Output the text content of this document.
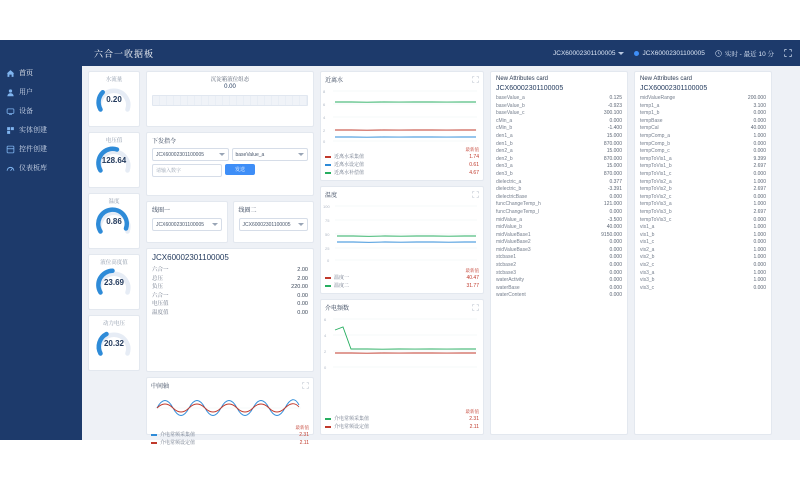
首页
用户
设备
实体创建
控件创建
仪表板库
六合一收据板	JCX60002301100005	JCX60002301100005	实时 - 最近 10 分
水流量
0.20
电压值
128.64
温度
0.86
液位高度值
23.69
动力电压
20.32
沉淀箱液位组态
0.00
下发指令
JCX60002301100005	baseValue_a
请输入数字	发送
线圈一
JCX60002301100005
线圈二
JCX60002301100005
JCX60002301100005
六合一	2.00
总压	2.00
负压	220.00
六合一	0.00
电压值	0.00
温度值	0.00
中间轴
最新值
介电常频采集值	2.31
介电常频设定值	2.11
近离水
8
6
4
2
0
最新值
近离水采集值	1.74
近离水设定值	0.61
近离水补偿值	4.67
温度
100
75
50
25
0
最新值
温度一	40.47
温度二	31.77
介电频数
6
4
2
0
最新值
介电常频采集值	2.31
介电常频设定值	2.11
New Attributes card
JCX60002301100005
baseValue_a	0.125
baseValue_b	-0.923
baseValue_c	300.100
cMin_a	0.000
cMin_b	-1.400
den1_a	15.000
den1_b	870.000
den2_a	15.000
den2_b	870.000
den3_a	15.000
den3_b	870.000
dielectric_a	0.377
dielectric_b	-3.391
dielectricBase	0.000
funcChangeTemp_h	121.000
funcChangeTemp_l	0.000
midValue_a	-3.500
midValue_b	40.000
midValueBase1	9150.000
midValueBase2	0.000
midValueBase3	0.000
stcbase1	0.000
stcbase2	0.000
stcbase3	0.000
waterActivity	0.000
waterBase	0.000
waterContent	0.000
New Attributes card
JCX60002301100005
midValueRange	200.000
temp1_a	3.100
temp1_b	0.000
tempBase	0.000
tempCal	40.000
tempComp_a	1.000
tempComp_b	0.000
tempComp_c	0.000
tempToVis1_a	9.399
tempToVis1_b	2.697
tempToVis1_c	0.000
tempToVis2_a	1.000
tempToVis2_b	2.697
tempToVis2_c	0.000
tempToVis3_a	1.000
tempToVis3_b	2.697
tempToVis3_c	0.000
vis1_a	1.000
vis1_b	1.000
vis1_c	0.000
vis2_a	1.000
vis2_b	1.000
vis2_c	0.000
vis3_a	1.000
vis3_b	1.000
vis3_c	0.000
